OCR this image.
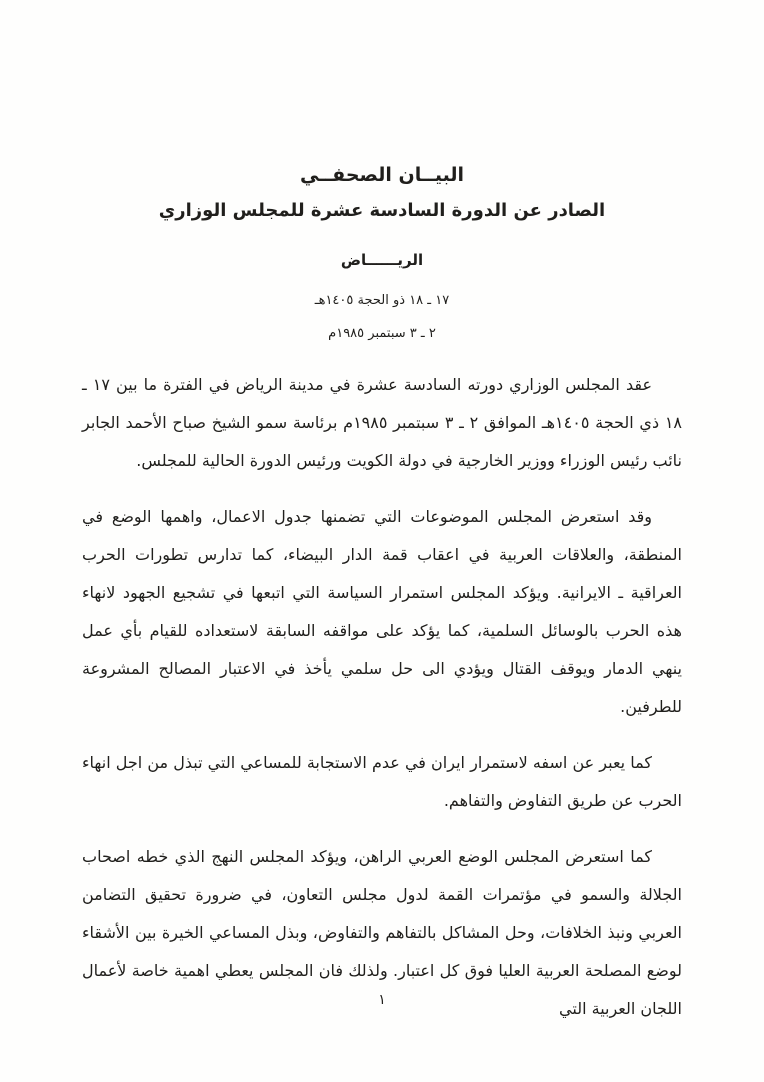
البيــان الصحفــي
الصادر عن الدورة السادسة عشرة للمجلس الوزاري
الريــــــاض
١٧ ـ ١٨ ذو الحجة ١٤٠٥هـ
٢ ـ ٣ سبتمبر ١٩٨٥م

عقد المجلس الوزاري دورته السادسة عشرة في مدينة الرياض في الفترة ما بين ١٧ ـ ١٨ ذي الحجة ١٤٠٥هـ الموافق ٢ ـ ٣ سبتمبر ١٩٨٥م برئاسة سمو الشيخ صباح الأحمد الجابر نائب رئيس الوزراء ووزير الخارجية في دولة الكويت ورئيس الدورة الحالية للمجلس.

وقد استعرض المجلس الموضوعات التي تضمنها جدول الاعمال، واهمها الوضع في المنطقة، والعلاقات العربية في اعقاب قمة الدار البيضاء، كما تدارس تطورات الحرب العراقية ـ الايرانية. ويؤكد المجلس استمرار السياسة التي اتبعها في تشجيع الجهود لانهاء هذه الحرب بالوسائل السلمية، كما يؤكد على مواقفه السابقة لاستعداده للقيام بأي عمل ينهي الدمار ويوقف القتال ويؤدي الى حل سلمي يأخذ في الاعتبار المصالح المشروعة للطرفين.

كما يعبر عن اسفه لاستمرار ايران في عدم الاستجابة للمساعي التي تبذل من اجل انهاء الحرب عن طريق التفاوض والتفاهم.

كما استعرض المجلس الوضع العربي الراهن، ويؤكد المجلس النهج الذي خطه اصحاب الجلالة والسمو في مؤتمرات القمة لدول مجلس التعاون، في ضرورة تحقيق التضامن العربي ونبذ الخلافات، وحل المشاكل بالتفاهم والتفاوض، وبذل المساعي الخيرة بين الأشقاء لوضع المصلحة العربية العليا فوق كل اعتبار. ولذلك فان المجلس يعطي اهمية خاصة لأعمال اللجان العربية التي

١
